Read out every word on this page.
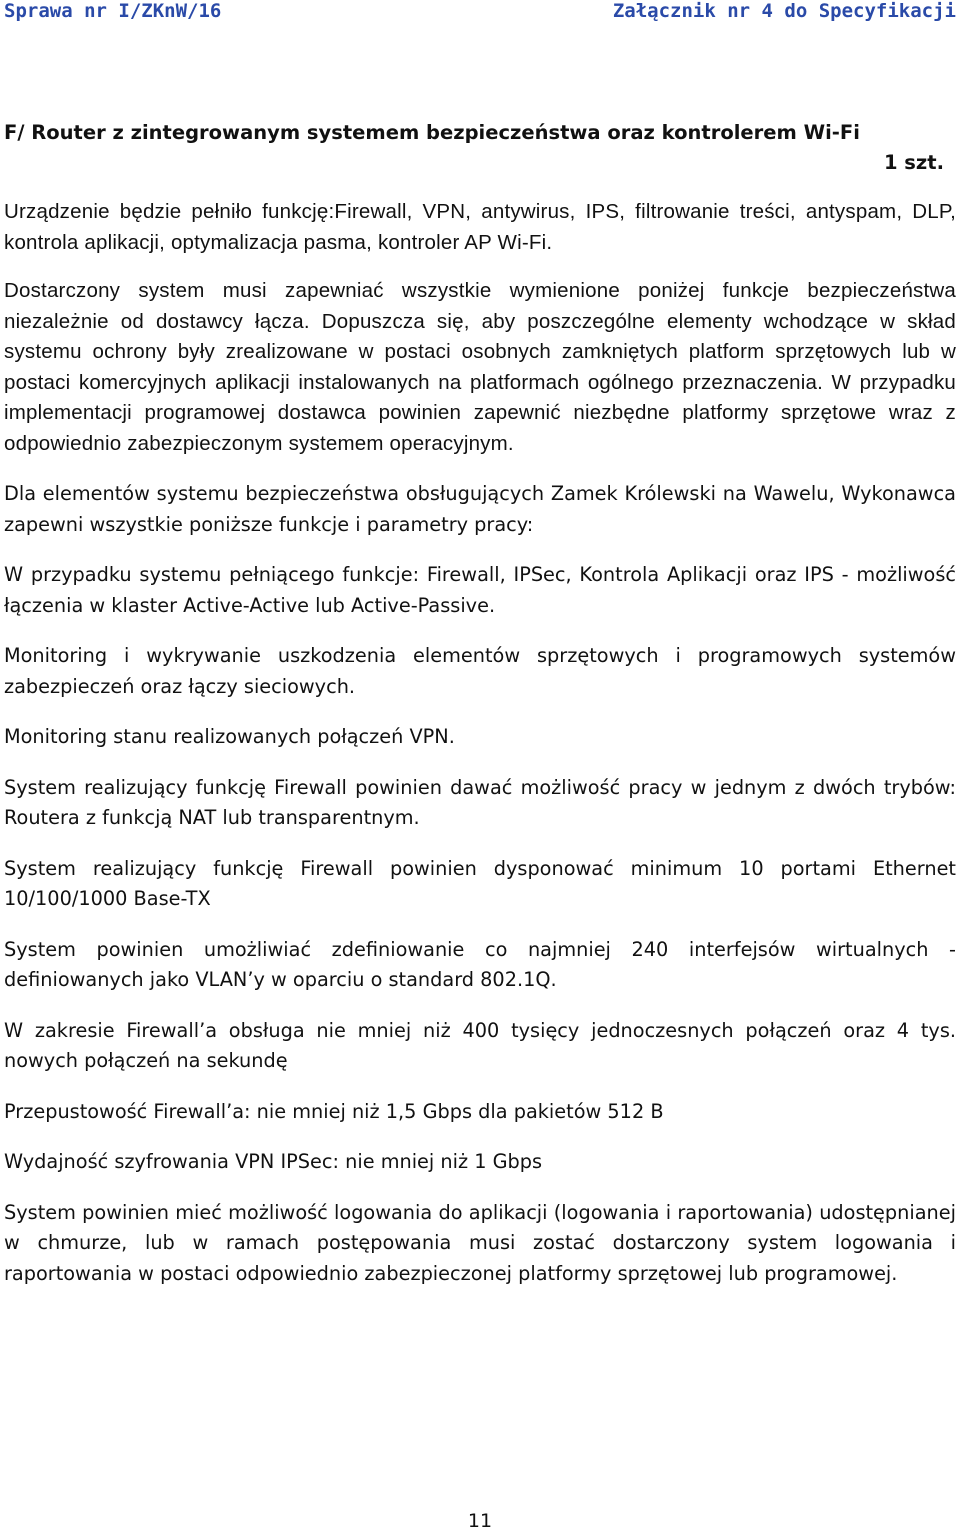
Sprawa nr I/ZKnW/16	Załącznik nr 4 do Specyfikacji
F/ Router z zintegrowanym systemem bezpieczeństwa oraz kontrolerem Wi-Fi
1 szt.

Urządzenie będzie pełniło funkcję:Firewall, VPN, antywirus, IPS, filtrowanie treści, antyspam, DLP, kontrola aplikacji, optymalizacja pasma, kontroler AP Wi-Fi.

Dostarczony system musi zapewniać wszystkie wymienione poniżej funkcje bezpieczeństwa niezależnie od dostawcy łącza. Dopuszcza się, aby poszczególne elementy wchodzące w skład systemu ochrony były zrealizowane w postaci osobnych zamkniętych platform sprzętowych lub w postaci komercyjnych aplikacji instalowanych na platformach ogólnego przeznaczenia. W przypadku implementacji programowej dostawca powinien zapewnić niezbędne platformy sprzętowe wraz z odpowiednio zabezpieczonym systemem operacyjnym.

Dla elementów systemu bezpieczeństwa obsługujących Zamek Królewski na Wawelu, Wykonawca zapewni wszystkie poniższe funkcje i parametry pracy:

W przypadku systemu pełniącego funkcje: Firewall, IPSec, Kontrola Aplikacji oraz IPS - możliwość łączenia w klaster Active-Active lub Active-Passive.

Monitoring i wykrywanie uszkodzenia elementów sprzętowych i programowych systemów zabezpieczeń oraz łączy sieciowych.

Monitoring stanu realizowanych połączeń VPN.

System realizujący funkcję Firewall powinien dawać możliwość pracy w jednym z dwóch trybów: Routera z funkcją NAT lub transparentnym.

System realizujący funkcję Firewall powinien dysponować minimum 10 portami Ethernet 10/100/1000 Base-TX

System powinien umożliwiać zdefiniowanie co najmniej 240 interfejsów wirtualnych - definiowanych jako VLAN’y w oparciu o standard 802.1Q.

W zakresie Firewall’a obsługa nie mniej niż 400 tysięcy jednoczesnych połączeń oraz 4 tys. nowych połączeń na sekundę

Przepustowość Firewall’a: nie mniej niż 1,5 Gbps dla pakietów 512 B

Wydajność szyfrowania VPN IPSec: nie mniej niż 1 Gbps

System powinien mieć możliwość logowania do aplikacji (logowania i raportowania) udostępnianej w chmurze, lub w ramach postępowania musi zostać dostarczony system logowania i raportowania w postaci odpowiednio zabezpieczonej platformy sprzętowej lub programowej.

11
